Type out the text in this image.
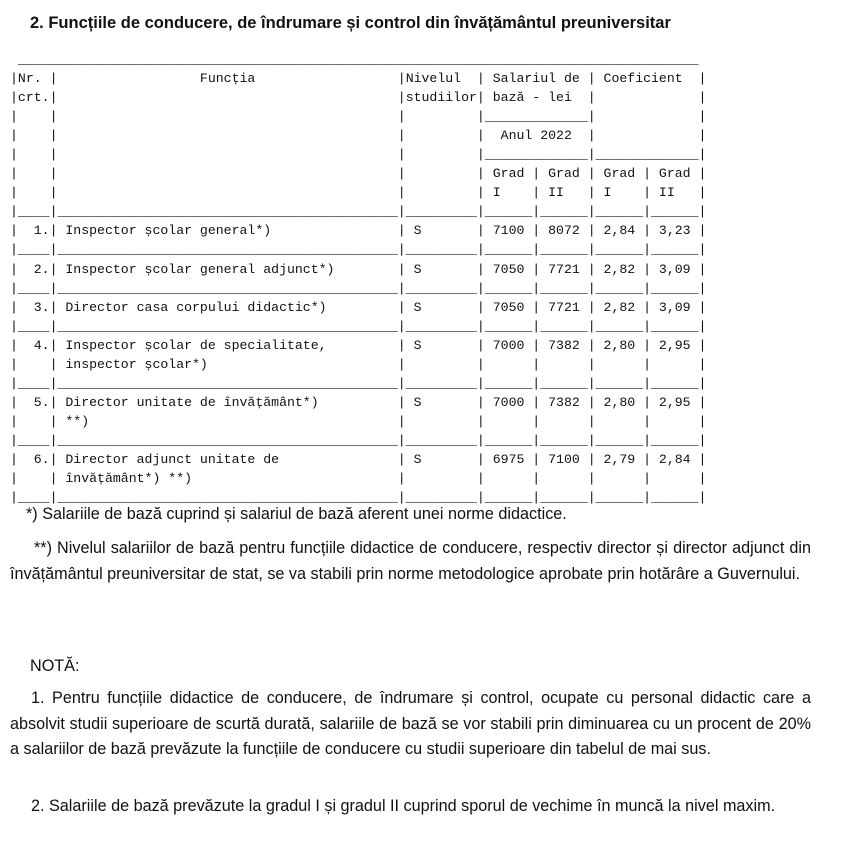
2. Funcțiile de conducere, de îndrumare și control din învățământul preuniversitar
______________________________________________________________________________________
|Nr. |                  Funcția                  |Nivelul  | Salariul de | Coeficient  |
|crt.|                                           |studiilor| bază - lei  |             |
|    |                                           |         |_____________|             |
|    |                                           |         |  Anul 2022  |             |
|    |                                           |         |_____________|_____________|
|    |                                           |         | Grad | Grad | Grad | Grad |
|    |                                           |         | I    | II   | I    | II   |
|____|___________________________________________|_________|______|______|______|______|
|  1.| Inspector școlar general*)                | S       | 7100 | 8072 | 2,84 | 3,23 |
|____|___________________________________________|_________|______|______|______|______|
|  2.| Inspector școlar general adjunct*)        | S       | 7050 | 7721 | 2,82 | 3,09 |
|____|___________________________________________|_________|______|______|______|______|
|  3.| Director casa corpului didactic*)         | S       | 7050 | 7721 | 2,82 | 3,09 |
|____|___________________________________________|_________|______|______|______|______|
|  4.| Inspector școlar de specialitate,         | S       | 7000 | 7382 | 2,80 | 2,95 |
|    | inspector școlar*)                        |         |      |      |      |      |
|____|___________________________________________|_________|______|______|______|______|
|  5.| Director unitate de învățământ*)          | S       | 7000 | 7382 | 2,80 | 2,95 |
|    | **)                                       |         |      |      |      |      |
|____|___________________________________________|_________|______|______|______|______|
|  6.| Director adjunct unitate de               | S       | 6975 | 7100 | 2,79 | 2,84 |
|    | învățământ*) **)                          |         |      |      |      |      |
|____|___________________________________________|_________|______|______|______|______|

*) Salariile de bază cuprind și salariul de bază aferent unei norme didactice.
**) Nivelul salariilor de bază pentru funcțiile didactice de conducere, respectiv director și director adjunct din învățământul preuniversitar de stat, se va stabili prin norme metodologice aprobate prin hotărâre a Guvernului.
NOTĂ:
1. Pentru funcțiile didactice de conducere, de îndrumare și control, ocupate cu personal didactic care a absolvit studii superioare de scurtă durată, salariile de bază se vor stabili prin diminuarea cu un procent de 20% a salariilor de bază prevăzute la funcțiile de conducere cu studii superioare din tabelul de mai sus.
2. Salariile de bază prevăzute la gradul I și gradul II cuprind sporul de vechime în muncă la nivel maxim.
